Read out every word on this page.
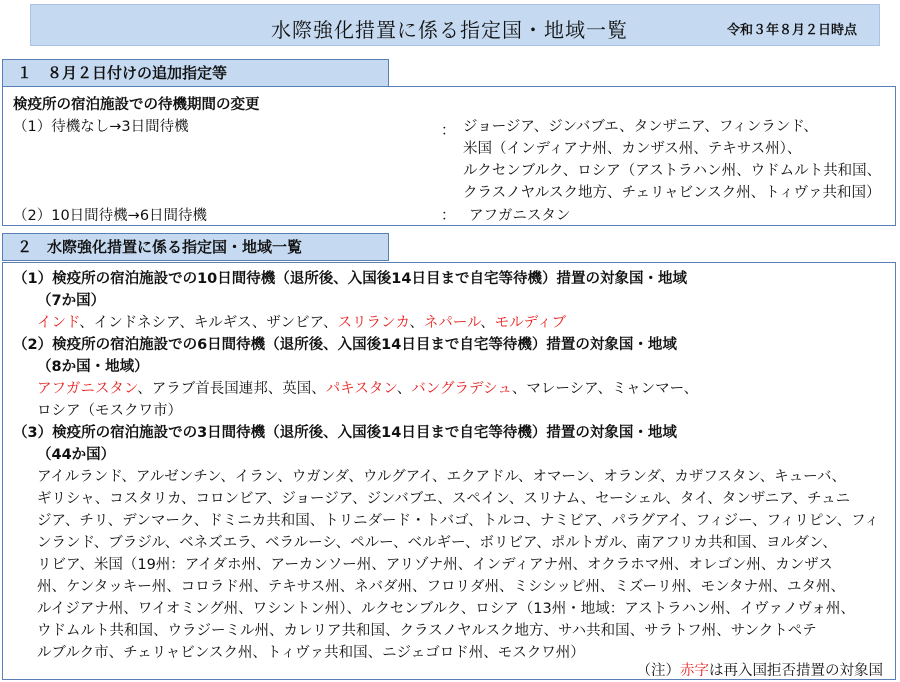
水際強化措置に係る指定国・地域一覧	令和３年８月２日時点
１　８月２日付けの追加指定等
検疫所の宿泊施設での待機期間の変更
（1）待機なし→3日間待機	： ジョージア、ジンバブエ、タンザニア、フィンランド、
米国（インディアナ州、カンザス州、テキサス州）、
ルクセンブルク、ロシア（アストラハン州、ウドムルト共和国、
クラスノヤルスク地方、チェリャビンスク州、トィヴァ共和国）
（2）10日間待機→6日間待機	： アフガニスタン
２　水際強化措置に係る指定国・地域一覧
（1）検疫所の宿泊施設での10日間待機（退所後、入国後14日目まで自宅等待機）措置の対象国・地域
（7か国）
インド、インドネシア、キルギス、ザンビア、スリランカ、ネパール、モルディブ
（2）検疫所の宿泊施設での6日間待機（退所後、入国後14日目まで自宅等待機）措置の対象国・地域
（8か国・地域）
アフガニスタン、アラブ首長国連邦、英国、パキスタン、バングラデシュ、マレーシア、ミャンマー、
ロシア（モスクワ市）
（3）検疫所の宿泊施設での3日間待機（退所後、入国後14日目まで自宅等待機）措置の対象国・地域
（44か国）
アイルランド、アルゼンチン、イラン、ウガンダ、ウルグアイ、エクアドル、オマーン、オランダ、カザフスタン、キューバ、
ギリシャ、コスタリカ、コロンビア、ジョージア、ジンバブエ、スペイン、スリナム、セーシェル、タイ、タンザニア、チュニ
ジア、チリ、デンマーク、ドミニカ共和国、トリニダード・トバゴ、トルコ、ナミビア、パラグアイ、フィジー、フィリピン、フィ
ンランド、ブラジル、ベネズエラ、ベラルーシ、ペルー、ベルギー、ボリビア、ポルトガル、南アフリカ共和国、ヨルダン、
リビア、米国（19州：アイダホ州、アーカンソー州、アリゾナ州、インディアナ州、オクラホマ州、オレゴン州、カンザス
州、ケンタッキー州、コロラド州、テキサス州、ネバダ州、フロリダ州、ミシシッピ州、ミズーリ州、モンタナ州、ユタ州、
ルイジアナ州、ワイオミング州、ワシントン州）、ルクセンブルク、ロシア（13州・地域：アストラハン州、イヴァノヴォ州、
ウドムルト共和国、ウラジーミル州、カレリア共和国、クラスノヤルスク地方、サハ共和国、サラトフ州、サンクトペテ
ルブルク市、チェリャビンスク州、トィヴァ共和国、ニジェゴロド州、モスクワ州）
（注）赤字は再入国拒否措置の対象国
